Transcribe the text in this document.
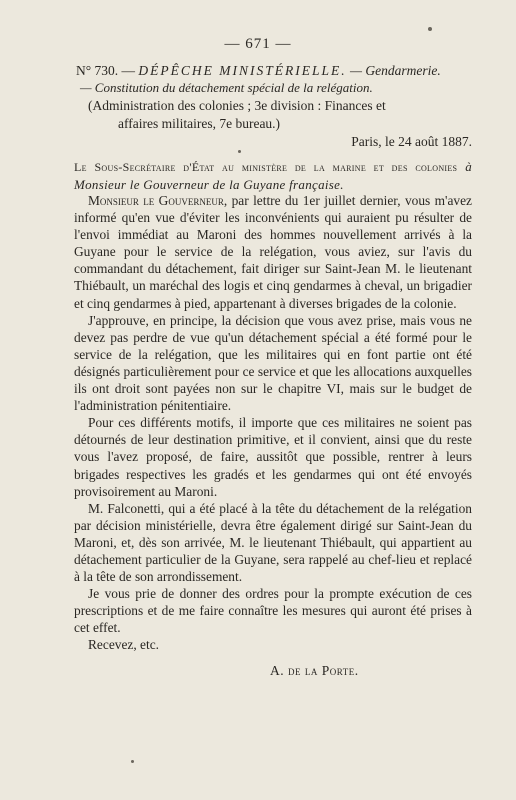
— 671 —
N° 730. — DÉPÊCHE MINISTÉRIELLE. — Gendarmerie.
— Constitution du détachement spécial de la relégation.
(Administration des colonies ; 3e division : Finances et
affaires militaires, 7e bureau.)
Paris, le 24 août 1887.
Le Sous-Secrétaire d'État au ministère de la marine et des colonies à Monsieur le Gouverneur de la Guyane française.

Monsieur le Gouverneur, par lettre du 1er juillet dernier, vous m'avez informé qu'en vue d'éviter les inconvénients qui auraient pu résulter de l'envoi immédiat au Maroni des hommes nouvellement arrivés à la Guyane pour le service de la relégation, vous aviez, sur l'avis du commandant du détachement, fait diriger sur Saint-Jean M. le lieutenant Thiébault, un maréchal des logis et cinq gendarmes à cheval, un brigadier et cinq gendarmes à pied, appartenant à diverses brigades de la colonie.

J'approuve, en principe, la décision que vous avez prise, mais vous ne devez pas perdre de vue qu'un détachement spécial a été formé pour le service de la relégation, que les militaires qui en font partie ont été désignés particulièrement pour ce service et que les allocations auxquelles ils ont droit sont payées non sur le chapitre VI, mais sur le budget de l'administration pénitentiaire.

Pour ces différents motifs, il importe que ces militaires ne soient pas détournés de leur destination primitive, et il convient, ainsi que du reste vous l'avez proposé, de faire, aussitôt que possible, rentrer à leurs brigades respectives les gradés et les gendarmes qui ont été envoyés provisoirement au Maroni.

M. Falconetti, qui a été placé à la tête du détachement de la relégation par décision ministérielle, devra être également dirigé sur Saint-Jean du Maroni, et, dès son arrivée, M. le lieutenant Thiébault, qui appartient au détachement particulier de la Guyane, sera rappelé au chef-lieu et replacé à la tête de son arrondissement.

Je vous prie de donner des ordres pour la prompte exécution de ces prescriptions et de me faire connaître les mesures qui auront été prises à cet effet.

Recevez, etc.

A. de la Porte.
